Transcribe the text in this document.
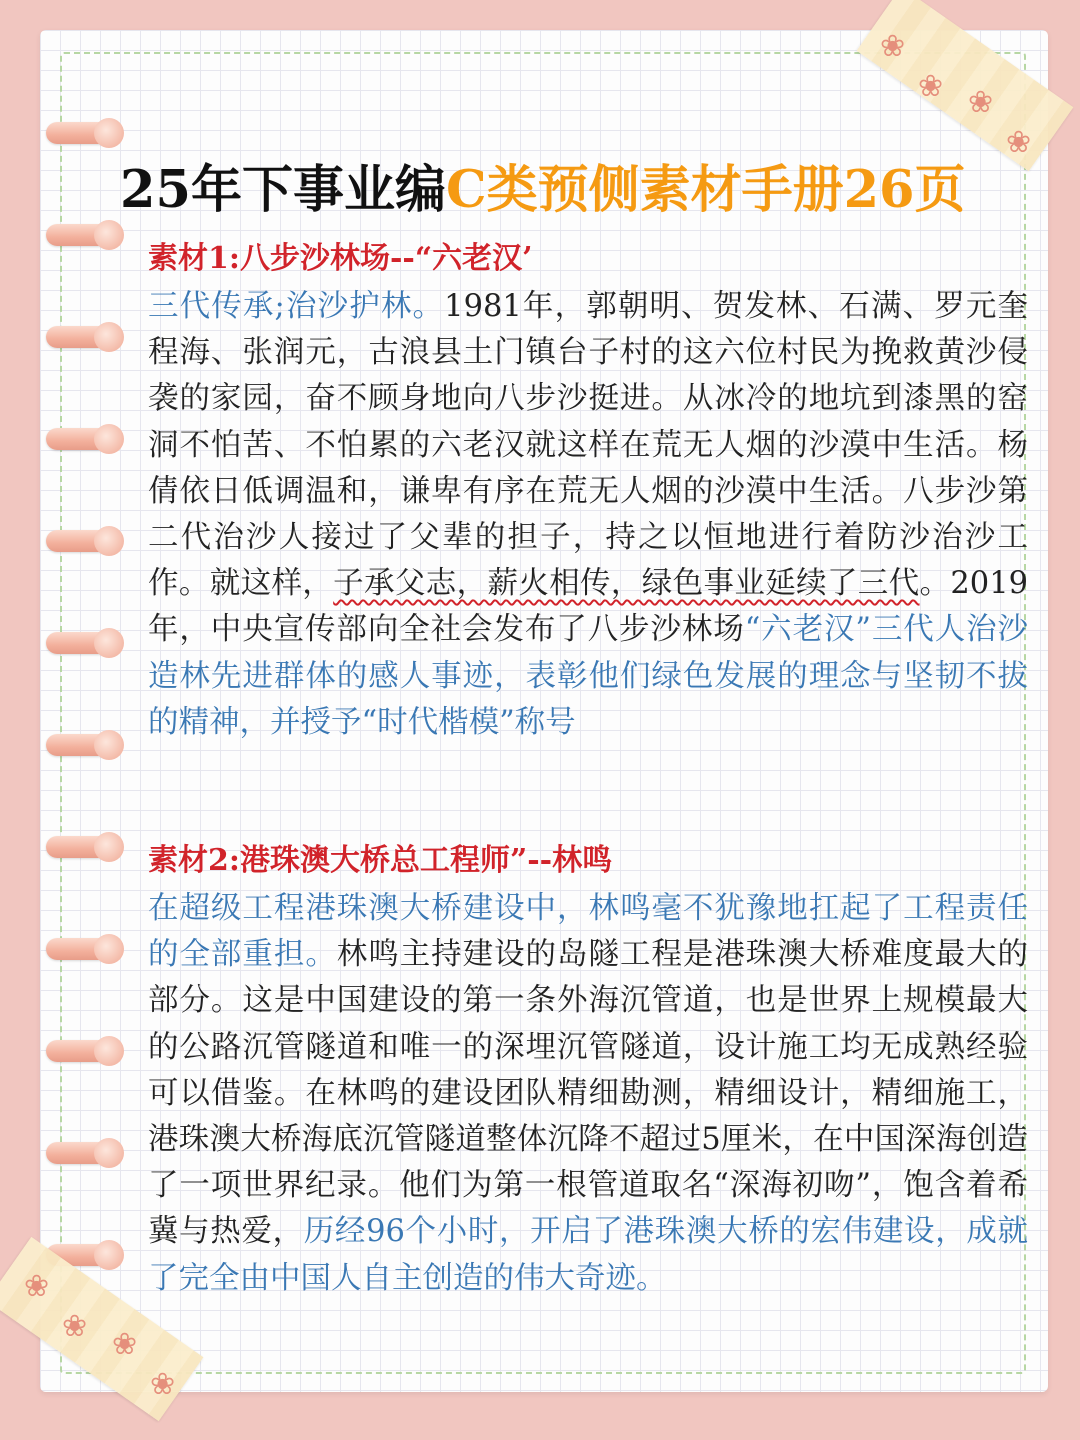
❀
❀ ❀
❀
❀
❀
❀
❀
25年下事业编C类预侧素材手册26页
素材1:八步沙林场--“六老汉’

三代传承;治沙护林。1981年，郭朝明、贺发林、石满、罗元奎程海、张润元，古浪县土门镇台子村的这六位村民为挽救黄沙侵袭的家园，奋不顾身地向八步沙挺进。从冰冷的地坑到漆黑的窑洞不怕苦、不怕累的六老汉就这样在荒无人烟的沙漠中生活。杨倩依日低调温和，谦卑有序在荒无人烟的沙漠中生活。八步沙第二代治沙人接过了父辈的担子，持之以恒地进行着防沙治沙工作。就这样，子承父志，薪火相传，绿色事业延续了三代。2019年，中央宣传部向全社会发布了八步沙林场“六老汉”三代人治沙造林先进群体的感人事迹，表彰他们绿色发展的理念与坚韧不拔的精神，并授予“时代楷模”称号

素材2:港珠澳大桥总工程师”--林鸣

在超级工程港珠澳大桥建设中，林鸣毫不犹豫地扛起了工程责任的全部重担。林鸣主持建设的岛隧工程是港珠澳大桥难度最大的部分。这是中国建设的第一条外海沉管道，也是世界上规模最大的公路沉管隧道和唯一的深埋沉管隧道，设计施工均无成熟经验可以借鉴。在林鸣的建设团队精细勘测，精细设计，精细施工，港珠澳大桥海底沉管隧道整体沉降不超过5厘米，在中国深海创造了一项世界纪录。他们为第一根管道取名“深海初吻”，饱含着希冀与热爱，历经96个小时，开启了港珠澳大桥的宏伟建设，成就了完全由中国人自主创造的伟大奇迹。
